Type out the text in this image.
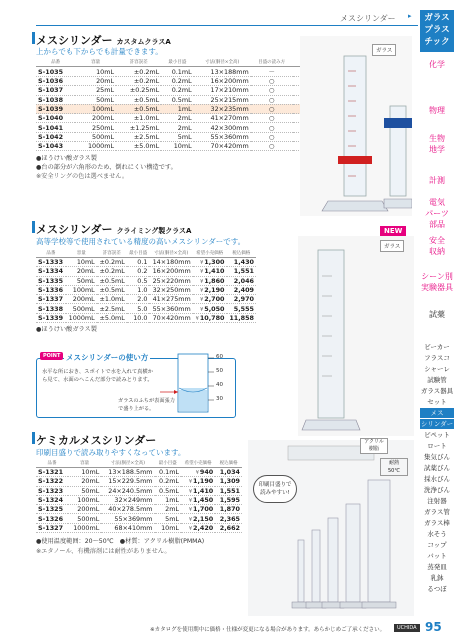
メスシリンダー ▸	ガラス
プラス
チック
化学
物理
生物
地学
計測
電気
パーツ
部品
安全
収納
シーン別
実験器具
試薬
ビーカー
フラスコ
シャーレ
試験管
ガラス器具
セット
メス
シリンダー
ピペット
ロート
集気びん
試薬びん
採水びん
洗浄びん
注射器
ガラス管
ガラス棒
水そう
コップ
バット
蒸発皿
乳鉢
るつぼ
メスシリンダー カスタムクラスA
上からでも下からでも計量できます。
品番	容量	許容誤差	最小目盛	寸法(胴径×全高)	目盛の読み方		
S-1035	10mL	±0.2mL	0.1mL	13×188mm	－		
S-1036	20mL	±0.2mL	0.2mL	16×200mm	○		
S-1037	25mL	±0.25mL	0.2mL	17×210mm	○		
S-1038	50mL	±0.5mL	0.5mL	25×215mm	○		
S-1039	100mL	±0.5mL	1mL	32×235mm	○		
S-1040	200mL	±1.0mL	2mL	41×270mm	○		
S-1041	250mL	±1.25mL	2mL	42×300mm	○		
S-1042	500mL	±2.5mL	5mL	55×360mm	○		
S-1043	1000mL	±5.0mL	10mL	70×420mm	○		
●ほうけい酸ガラス製
●台の部分が六角形のため、倒れにくい構造です。
※安全リングの色は選べません。
ガラス
メスシリンダー クライミング製クラスA
高等学校等で使用されている精度の高いメスシリンダーです。
NEW
品番	容量	許容誤差	最小目盛	寸法(胴径×全高)	希望小売価格	税込価格
S-1333	10mL	±0.2mL	0.1	14×180mm	¥1,300	1,430
S-1334	20mL	±0.2mL	0.2	16×200mm	¥1,410	1,551
S-1335	50mL	±0.5mL	0.5	25×220mm	¥1,860	2,046
S-1336	100mL	±0.5mL	1.0	32×250mm	¥2,190	2,409
S-1337	200mL	±1.0mL	2.0	41×275mm	¥2,700	2,970
S-1338	500mL	±2.5mL	5.0	55×360mm	¥5,050	5,555
S-1339	1000mL	±5.0mL	10.0	70×420mm	¥10,780	11,858
●ほうけい酸ガラス製
ガラス
POINT メスシリンダーの使い方
水平な所におき、スポイトで水を入れて真横から見て、水面のへこんだ部分で読みとります。
ガラスのふちが表面張力で盛り上がる。
60
50
40
30
ケミカルメスシリンダー
印刷目盛りで読み取りやすくなっています。
品番	容量	寸法(胴径×全高)	最小目盛	希望小売価格	税込価格
S-1321	10mL	13×188.5mm	0.1mL	¥940	1,034
S-1322	20mL	15×229.5mm	0.2mL	¥1,190	1,309
S-1323	50mL	24×240.5mm	0.5mL	¥1,410	1,551
S-1324	100mL	32×249mm	1mL	¥1,450	1,595
S-1325	200mL	40×278.5mm	2mL	¥1,700	1,870
S-1326	500mL	55×369mm	5mL	¥2,150	2,365
S-1327	1000mL	68×410mm	10mL	¥2,420	2,662
●使用温度範囲：20～50℃　●材質：アクリル樹脂(PMMA)
※エタノール、有機溶剤には耐性がありません。
アクリル
樹脂
耐熱
50℃
印刷目盛りで
読みやすい!
※カタログを使用期中に価格・仕様が変更になる場合があります。あらかじめご了承ください。	UCHIDA 95
